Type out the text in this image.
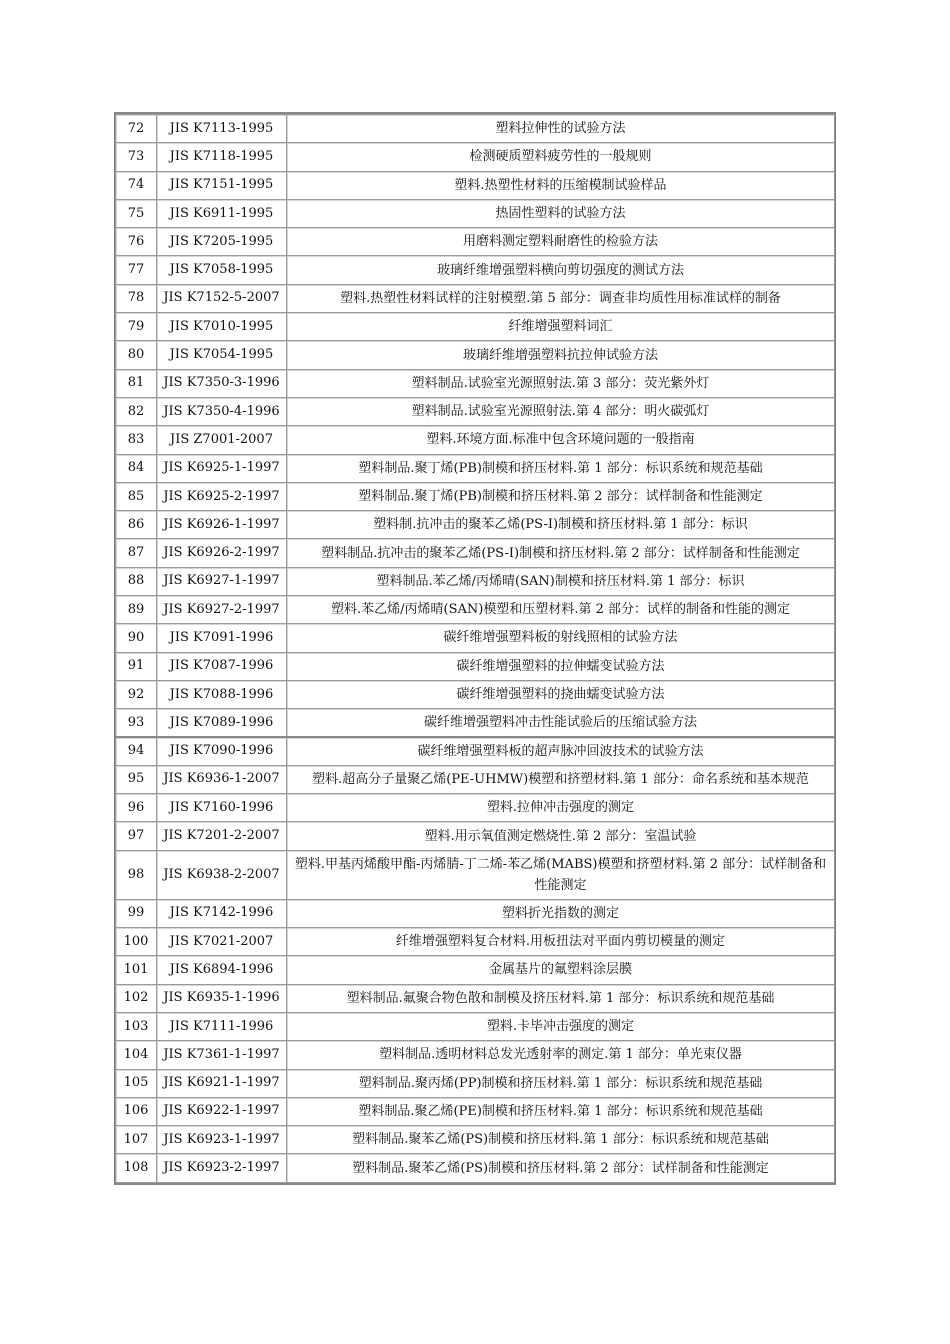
72	JIS K7113-1995	塑料拉伸性的试验方法
73	JIS K7118-1995	检测硬质塑料疲劳性的一般规则
74	JIS K7151-1995	塑料.热塑性材料的压缩模制试验样品
75	JIS K6911-1995	热固性塑料的试验方法
76	JIS K7205-1995	用磨料测定塑料耐磨性的检验方法
77	JIS K7058-1995	玻璃纤维增强塑料横向剪切强度的测试方法
78	JIS K7152-5-2007	塑料.热塑性材料试样的注射模塑.第 5 部分：调查非均质性用标准试样的制备
79	JIS K7010-1995	纤维增强塑料词汇
80	JIS K7054-1995	玻璃纤维增强塑料抗拉伸试验方法
81	JIS K7350-3-1996	塑料制品.试验室光源照射法.第 3 部分：荧光紫外灯
82	JIS K7350-4-1996	塑料制品.试验室光源照射法.第 4 部分：明火碳弧灯
83	JIS Z7001-2007	塑料.环境方面.标准中包含环境问题的一般指南
84	JIS K6925-1-1997	塑料制品.聚丁烯(PB)制模和挤压材料.第 1 部分：标识系统和规范基础
85	JIS K6925-2-1997	塑料制品.聚丁烯(PB)制模和挤压材料.第 2 部分：试样制备和性能测定
86	JIS K6926-1-1997	塑料制.抗冲击的聚苯乙烯(PS-I)制模和挤压材料.第 1 部分：标识
87	JIS K6926-2-1997	塑料制品.抗冲击的聚苯乙烯(PS-I)制模和挤压材料.第 2 部分：试样制备和性能测定
88	JIS K6927-1-1997	塑料制品.苯乙烯/丙烯晴(SAN)制模和挤压材料.第 1 部分：标识
89	JIS K6927-2-1997	塑料.苯乙烯/丙烯晴(SAN)模塑和压塑材料.第 2 部分：试样的制备和性能的测定
90	JIS K7091-1996	碳纤维增强塑料板的射线照相的试验方法
91	JIS K7087-1996	碳纤维增强塑料的拉伸蠕变试验方法
92	JIS K7088-1996	碳纤维增强塑料的挠曲蠕变试验方法
93	JIS K7089-1996	碳纤维增强塑料冲击性能试验后的压缩试验方法
94	JIS K7090-1996	碳纤维增强塑料板的超声脉冲回波技术的试验方法
95	JIS K6936-1-2007	塑料.超高分子量聚乙烯(PE-UHMW)模塑和挤塑材料.第 1 部分：命名系统和基本规范
96	JIS K7160-1996	塑料.拉伸冲击强度的测定
97	JIS K7201-2-2007	塑料.用示氧值测定燃烧性.第 2 部分：室温试验
98	JIS K6938-2-2007	塑料.甲基丙烯酸甲酯-丙烯腈-丁二烯-苯乙烯(MABS)模塑和挤塑材料.第 2 部分：试样制备和性能测定
99	JIS K7142-1996	塑料折光指数的测定
100	JIS K7021-2007	纤维增强塑料复合材料.用板扭法对平面内剪切模量的测定
101	JIS K6894-1996	金属基片的氟塑料涂层膜
102	JIS K6935-1-1996	塑料制品.氟聚合物色散和制模及挤压材料.第 1 部分：标识系统和规范基础
103	JIS K7111-1996	塑料.卡毕冲击强度的测定
104	JIS K7361-1-1997	塑料制品.透明材料总发光透射率的测定.第 1 部分：单光束仪器
105	JIS K6921-1-1997	塑料制品.聚丙烯(PP)制模和挤压材料.第 1 部分：标识系统和规范基础
106	JIS K6922-1-1997	塑料制品.聚乙烯(PE)制模和挤压材料.第 1 部分：标识系统和规范基础
107	JIS K6923-1-1997	塑料制品.聚苯乙烯(PS)制模和挤压材料.第 1 部分：标识系统和规范基础
108	JIS K6923-2-1997	塑料制品.聚苯乙烯(PS)制模和挤压材料.第 2 部分：试样制备和性能测定
